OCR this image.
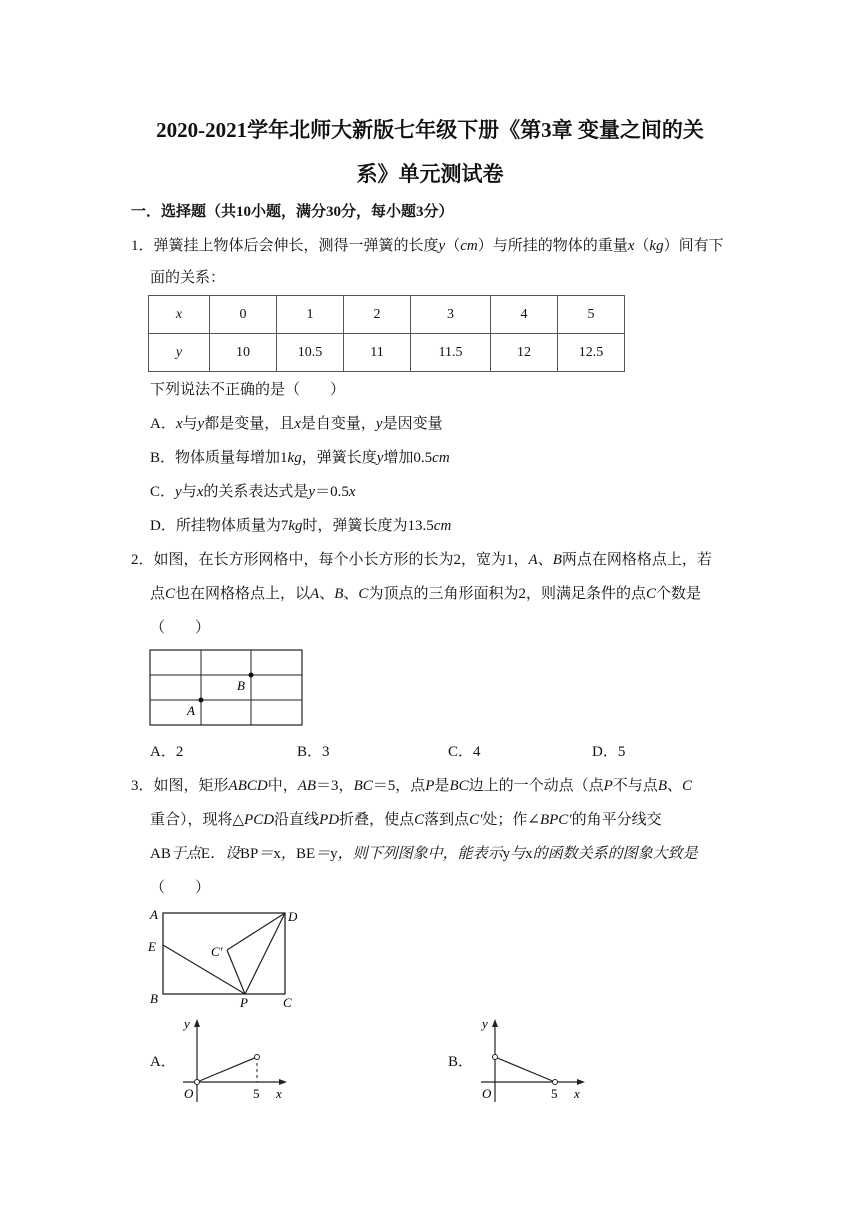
2020-2021学年北师大新版七年级下册《第3章 变量之间的关
系》单元测试卷
一．选择题（共10小题，满分30分，每小题3分）
1．弹簧挂上物体后会伸长，测得一弹簧的长度y（cm）与所挂的物体的重量x（kg）间有下
面的关系：
x	0	1	2	3	4	5
y	10	10.5	11	11.5	12	12.5
下列说法不正确的是（　　）
A．x与y都是变量，且x是自变量，y是因变量
B．物体质量每增加1kg，弹簧长度y增加0.5cm
C．y与x的关系表达式是y＝0.5x
D．所挂物体质量为7kg时，弹簧长度为13.5cm
2．如图，在长方形网格中，每个小长方形的长为2，宽为1，A、B两点在网格格点上，若
点C也在网格格点上，以A、B、C为顶点的三角形面积为2，则满足条件的点C个数是
（　　）
A
B
A．2	B．3	C．4	D．5
3．如图，矩形ABCD中，AB＝3，BC＝5，点P是BC边上的一个动点（点P不与点B、C
重合），现将△PCD沿直线PD折叠，使点C落到点C′处；作∠BPC′的角平分线交
AB于点E．设BP＝x，BE＝y，则下列图象中，能表示y与x的函数关系的图象大致是
（　　）
A
E
B	P	C
D
C′
A．
y
x
O	5
B．
y
x
O	5
